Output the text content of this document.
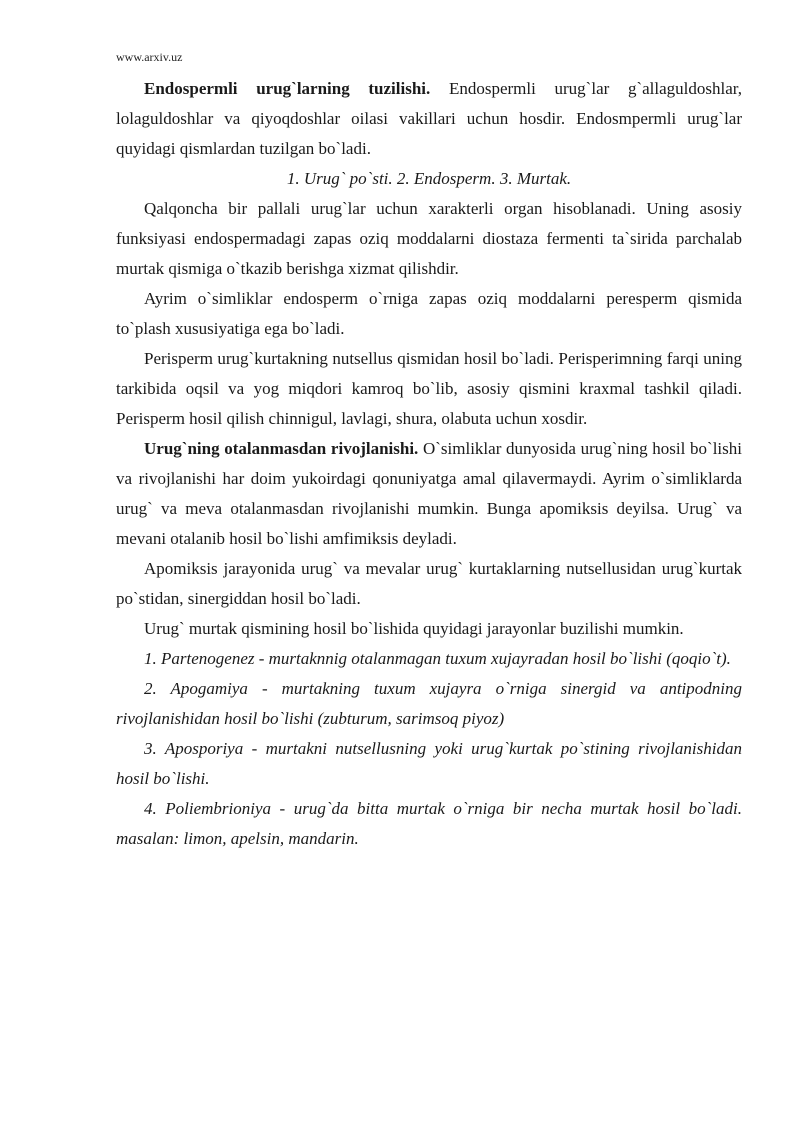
www.arxiv.uz

Endospermli urug`larning tuzilishi. Endospermli urug`lar g`allaguldoshlar, lolaguldoshlar va qiyoqdoshlar oilasi vakillari uchun hosdir. Endosmpermli urug`lar quyidagi qismlardan tuzilgan bo`ladi.

1. Urug` po`sti. 2. Endosperm. 3. Murtak.

Qalqoncha bir pallali urug`lar uchun xarakterli organ hisoblanadi. Uning asosiy funksiyasi endospermadagi zapas oziq moddalarni diostaza fermenti ta`sirida parchalab murtak qismiga o`tkazib berishga xizmat qilishdir.

Ayrim o`simliklar endosperm o`rniga zapas oziq moddalarni peresperm qismida to`plash xususiyatiga ega bo`ladi.

Perisperm urug`kurtakning nutsellus qismidan hosil bo`ladi. Perisperimning farqi uning tarkibida oqsil va yog miqdori kamroq bo`lib, asosiy qismini kraxmal tashkil qiladi. Perisperm hosil qilish chinnigul, lavlagi, shura, olabuta uchun xosdir.

Urug`ning otalanmasdan rivojlanishi. O`simliklar dunyosida urug`ning hosil bo`lishi va rivojlanishi har doim yukoirdagi qonuniyatga amal qilavermaydi. Ayrim o`simliklarda urug` va meva otalanmasdan rivojlanishi mumkin. Bunga apomiksis deyilsa. Urug` va mevani otalanib hosil bo`lishi amfimiksis deyladi.

Apomiksis jarayonida urug` va mevalar urug` kurtaklarning nutsellusidan urug`kurtak po`stidan, sinergiddan hosil bo`ladi.

Urug` murtak qismining hosil bo`lishida quyidagi jarayonlar buzilishi mumkin.

1. Partenogenez - murtaknnig otalanmagan tuxum xujayradan hosil bo`lishi (qoqio`t).

2. Apogamiya - murtakning tuxum xujayra o`rniga sinergid va antipodning rivojlanishidan hosil bo`lishi (zubturum, sarimsoq piyoz)

3. Aposporiya - murtakni nutsellusning yoki urug`kurtak po`stining rivojlanishidan hosil bo`lishi.

4. Poliembrioniya - urug`da bitta murtak o`rniga bir necha murtak hosil bo`ladi. masalan: limon, apelsin, mandarin.
